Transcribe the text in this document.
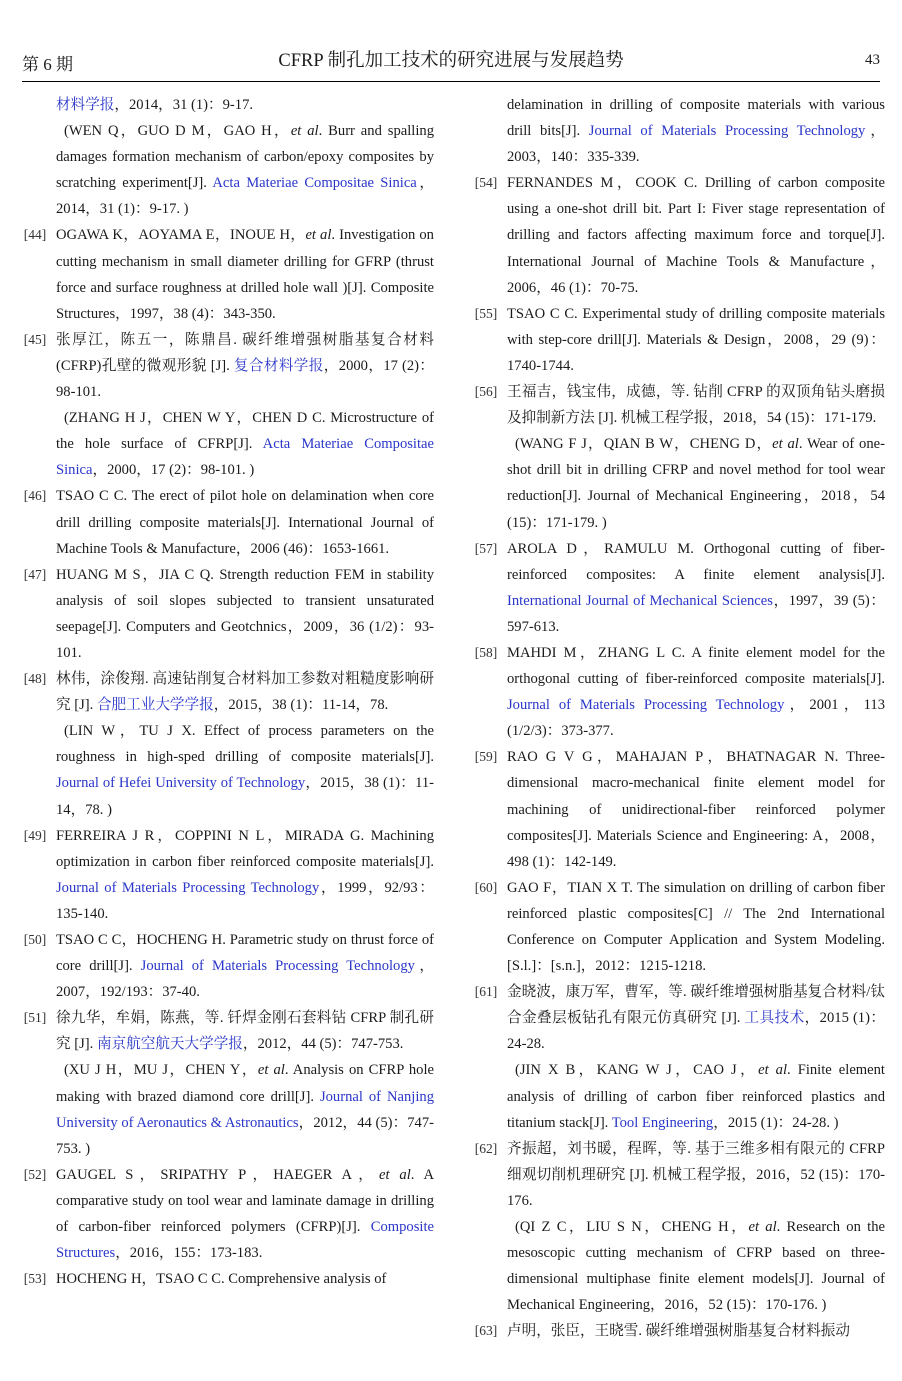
第 6 期	CFRP 制孔加工技术的研究进展与发展趋势	43
材料学报，2014，31 (1)：9-17.
(WEN Q，GUO D M，GAO H，et al. Burr and spalling damages formation mechanism of carbon/epoxy composites by scratching experiment[J]. Acta Materiae Compositae Sinica，2014，31 (1)：9-17. )
[44] OGAWA K，AOYAMA E，INOUE H，et al. Investigation on cutting mechanism in small diameter drilling for GFRP (thrust force and surface roughness at drilled hole wall )[J]. Composite Structures，1997，38 (4)：343-350.
[45] 张厚江，陈五一，陈鼎昌. 碳纤维增强树脂基复合材料 (CFRP)孔壁的微观形貌 [J]. 复合材料学报，2000，17 (2)：98-101.
(ZHANG H J，CHEN W Y，CHEN D C. Microstructure of the hole surface of CFRP[J]. Acta Materiae Compositae Sinica，2000，17 (2)：98-101. )
[46] TSAO C C. The erect of pilot hole on delamination when core drill drilling composite materials[J]. International Journal of Machine Tools & Manufacture，2006 (46)：1653-1661.
[47] HUANG M S，JIA C Q. Strength reduction FEM in stability analysis of soil slopes subjected to transient unsaturated seepage[J]. Computers and Geotchnics，2009，36 (1/2)：93-101.
[48] 林伟，涂俊翔. 高速钻削复合材料加工参数对粗糙度影响研究 [J]. 合肥工业大学学报，2015，38 (1)：11-14，78.
(LIN W，TU J X. Effect of process parameters on the roughness in high-sped drilling of composite materials[J]. Journal of Hefei University of Technology，2015，38 (1)：11-14，78. )
[49] FERREIRA J R，COPPINI N L，MIRADA G. Machining optimization in carbon fiber reinforced composite materials[J]. Journal of Materials Processing Technology，1999，92/93：135-140.
[50] TSAO C C，HOCHENG H. Parametric study on thrust force of core drill[J]. Journal of Materials Processing Technology，2007，192/193：37-40.
[51] 徐九华，牟娟，陈燕，等. 钎焊金刚石套料钻 CFRP 制孔研究 [J]. 南京航空航天大学学报，2012，44 (5)：747-753.
(XU J H，MU J，CHEN Y，et al. Analysis on CFRP hole making with brazed diamond core drill[J]. Journal of Nanjing University of Aeronautics & Astronautics，2012，44 (5)：747-753. )
[52] GAUGEL S，SRIPATHY P，HAEGER A，et al. A comparative study on tool wear and laminate damage in drilling of carbon-fiber reinforced polymers (CFRP)[J]. Composite Structures，2016，155：173-183.
[53] HOCHENG H，TSAO C C. Comprehensive analysis of
delamination in drilling of composite materials with various drill bits[J]. Journal of Materials Processing Technology，2003，140：335-339.
[54] FERNANDES M，COOK C. Drilling of carbon composite using a one-shot drill bit. Part I: Fiver stage representation of drilling and factors affecting maximum force and torque[J]. International Journal of Machine Tools & Manufacture，2006，46 (1)：70-75.
[55] TSAO C C. Experimental study of drilling composite materials with step-core drill[J]. Materials & Design，2008，29 (9)：1740-1744.
[56] 王福吉，钱宝伟，成德，等. 钻削 CFRP 的双顶角钻头磨损及抑制新方法 [J]. 机械工程学报，2018，54 (15)：171-179.
(WANG F J，QIAN B W，CHENG D，et al. Wear of one-shot drill bit in drilling CFRP and novel method for tool wear reduction[J]. Journal of Mechanical Engineering，2018，54 (15)：171-179. )
[57] AROLA D，RAMULU M. Orthogonal cutting of fiber-reinforced composites: A finite element analysis[J]. International Journal of Mechanical Sciences，1997，39 (5)：597-613.
[58] MAHDI M，ZHANG L C. A finite element model for the orthogonal cutting of fiber-reinforced composite materials[J]. Journal of Materials Processing Technology，2001，113 (1/2/3)：373-377.
[59] RAO G V G，MAHAJAN P，BHATNAGAR N. Three-dimensional macro-mechanical finite element model for machining of unidirectional-fiber reinforced polymer composites[J]. Materials Science and Engineering: A，2008，498 (1)：142-149.
[60] GAO F，TIAN X T. The simulation on drilling of carbon fiber reinforced plastic composites[C] // The 2nd International Conference on Computer Application and System Modeling. [S.l.]：[s.n.]，2012：1215-1218.
[61] 金晓波，康万军，曹军，等. 碳纤维增强树脂基复合材料/钛合金叠层板钻孔有限元仿真研究 [J]. 工具技术，2015 (1)：24-28.
(JIN X B，KANG W J，CAO J，et al. Finite element analysis of drilling of carbon fiber reinforced plastics and titanium stack[J]. Tool Engineering，2015 (1)：24-28. )
[62] 齐振超，刘书暖，程晖，等. 基于三维多相有限元的 CFRP 细观切削机理研究 [J]. 机械工程学报，2016，52 (15)：170-176.
(QI Z C，LIU S N，CHENG H，et al. Research on the mesoscopic cutting mechanism of CFRP based on three-dimensional multiphase finite element models[J]. Journal of Mechanical Engineering，2016，52 (15)：170-176. )
[63] 卢明，张臣，王晓雪. 碳纤维增强树脂基复合材料振动
